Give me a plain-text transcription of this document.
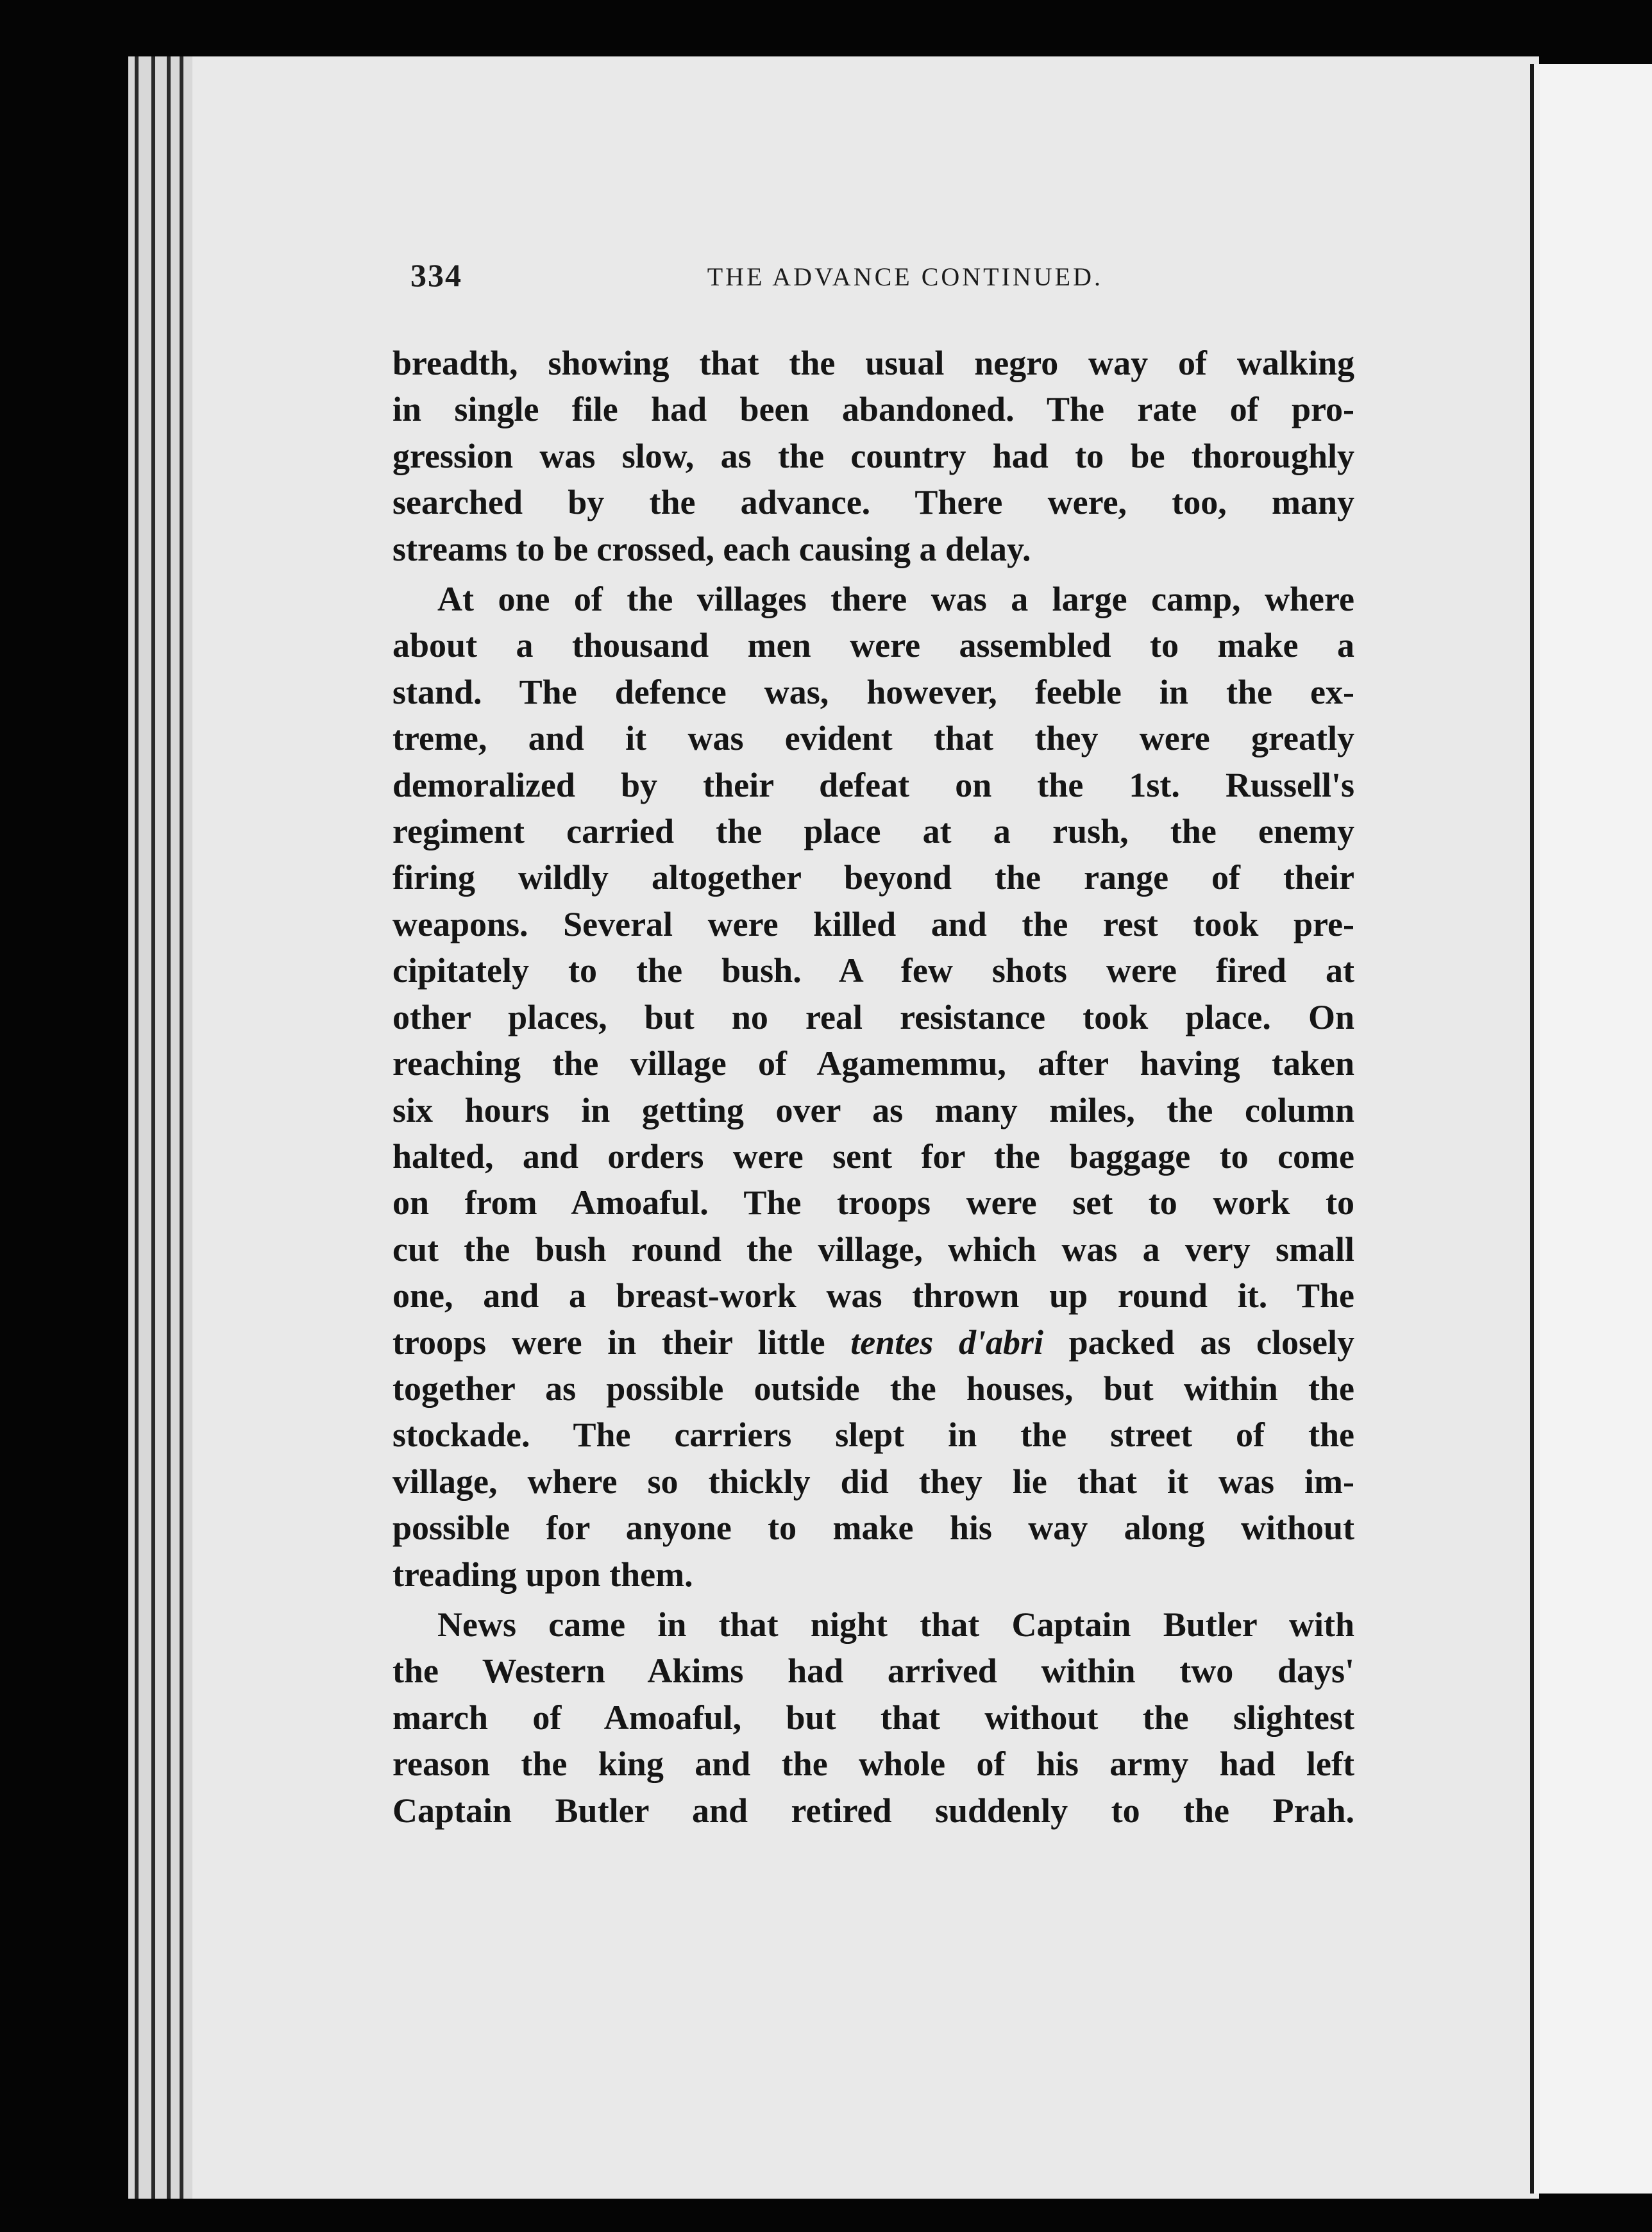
334	THE ADVANCE CONTINUED.
breadth, showing that the usual negro way of walking
in single file had been abandoned. The rate of pro-
gression was slow, as the country had to be thoroughly
searched by the advance. There were, too, many
streams to be crossed, each causing a delay.
At one of the villages there was a large camp, where
about a thousand men were assembled to make a
stand. The defence was, however, feeble in the ex-
treme, and it was evident that they were greatly
demoralized by their defeat on the 1st. Russell's
regiment carried the place at a rush, the enemy
firing wildly altogether beyond the range of their
weapons. Several were killed and the rest took pre-
cipitately to the bush. A few shots were fired at
other places, but no real resistance took place. On
reaching the village of Agamemmu, after having taken
six hours in getting over as many miles, the column
halted, and orders were sent for the baggage to come
on from Amoaful. The troops were set to work to
cut the bush round the village, which was a very small
one, and a breast-work was thrown up round it. The
troops were in their little tentes d'abri packed as closely
together as possible outside the houses, but within the
stockade. The carriers slept in the street of the
village, where so thickly did they lie that it was im-
possible for anyone to make his way along without
treading upon them.
News came in that night that Captain Butler with
the Western Akims had arrived within two days'
march of Amoaful, but that without the slightest
reason the king and the whole of his army had left
Captain Butler and retired suddenly to the Prah.
